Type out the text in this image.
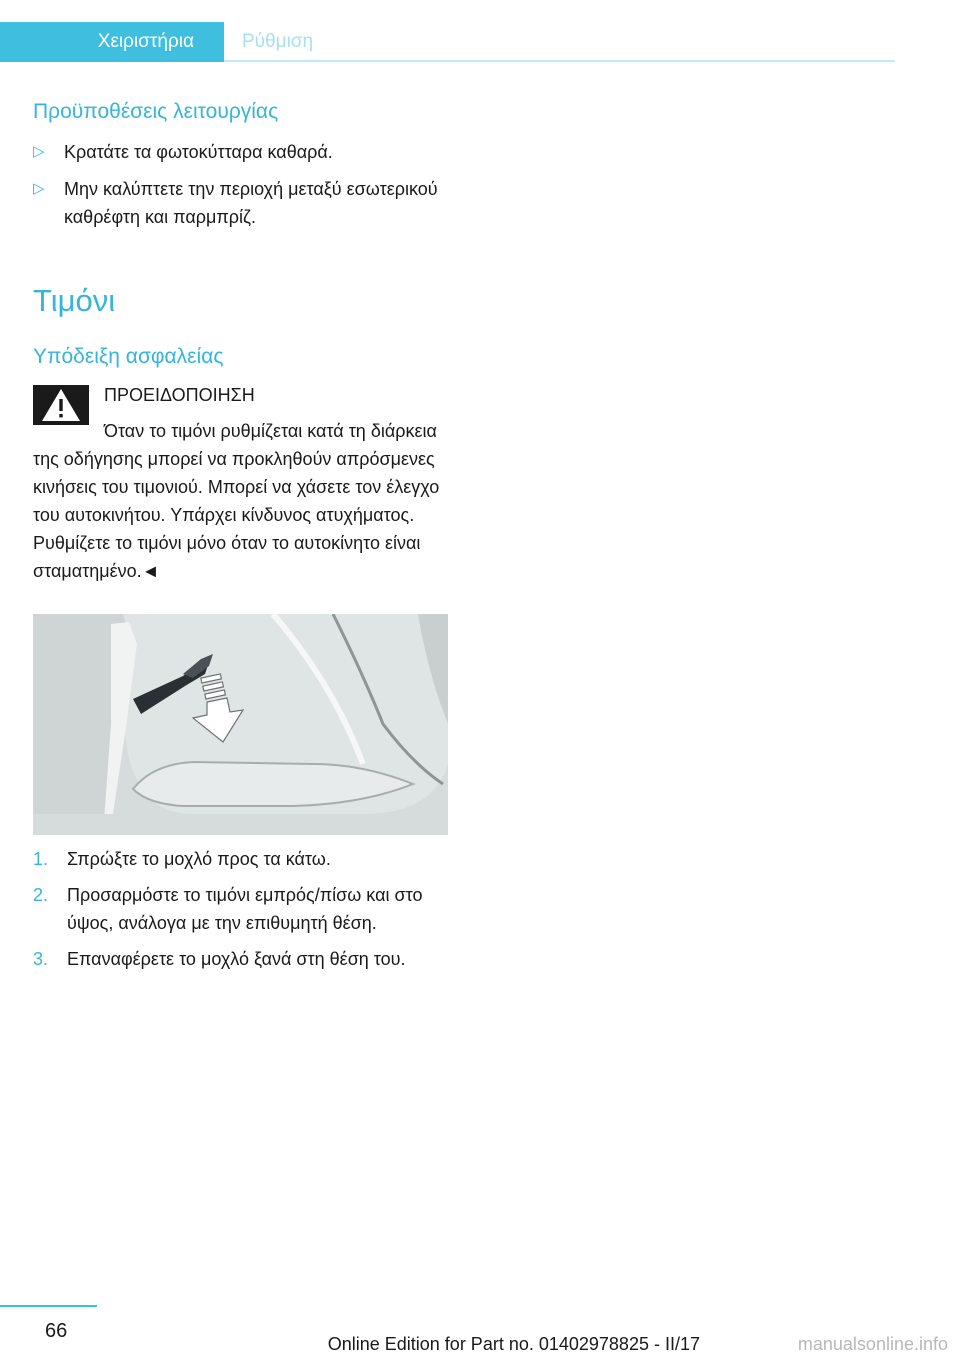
Χειριστήρια	Ρύθμιση
Προϋποθέσεις λειτουργίας
▷ Κρατάτε τα φωτοκύτταρα καθαρά.
▷ Μην καλύπτετε την περιοχή μεταξύ εσωτερικού καθρέφτη και παρμπρίζ.
Τιμόνι
Υπόδειξη ασφαλείας
ΠΡΟΕΙΔΟΠΟΙΗΣΗ
Όταν το τιμόνι ρυθμίζεται κατά τη διάρκεια της οδήγησης μπορεί να προκληθούν απρόσμενες κινήσεις του τιμονιού. Μπορεί να χάσετε τον έλεγχο του αυτοκινήτου. Υπάρχει κίνδυνος ατυχήματος. Ρυθμίζετε το τιμόνι μόνο όταν το αυτοκίνητο είναι σταματημένο.◄
1. Σπρώξτε το μοχλό προς τα κάτω.
2. Προσαρμόστε το τιμόνι εμπρός/πίσω και στο ύψος, ανάλογα με την επιθυμητή θέση.
3. Επαναφέρετε το μοχλό ξανά στη θέση του.
66
Online Edition for Part no. 01402978825 - II/17	manualsonline.info
